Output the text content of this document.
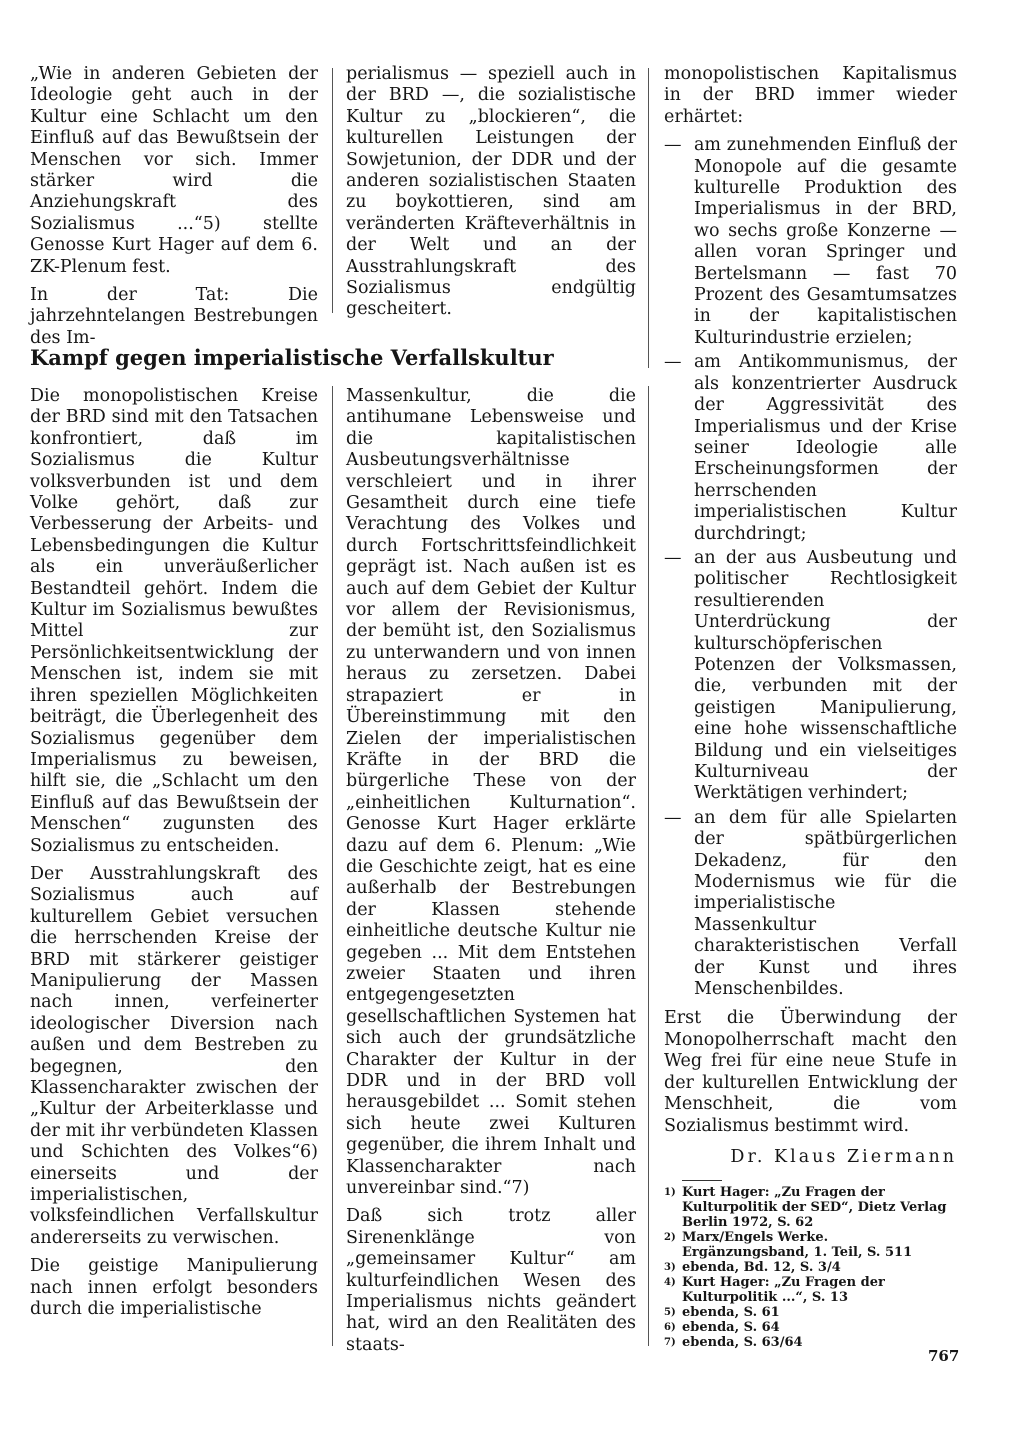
„Wie in anderen Gebieten der Ideologie geht auch in der Kultur eine Schlacht um den Einfluß auf das Bewußtsein der Menschen vor sich. Immer stärker wird die Anziehungskraft des Sozialismus ...“5) stellte Genosse Kurt Hager auf dem 6. ZK-Plenum fest.

In der Tat: Die jahrzehntelangen Bestrebungen des Im-

perialismus — speziell auch in der BRD —, die sozialistische Kultur zu „blockieren“, die kulturellen Leistungen der Sowjetunion, der DDR und der anderen sozialistischen Staaten zu boykottieren, sind am veränderten Kräfteverhältnis in der Welt und an der Ausstrahlungskraft des Sozialismus endgültig gescheitert.

Kampf gegen imperialistische Verfallskultur

Die monopolistischen Kreise der BRD sind mit den Tatsachen konfrontiert, daß im Sozialismus die Kultur volksverbunden ist und dem Volke gehört, daß zur Verbesserung der Arbeits- und Lebensbedingungen die Kultur als ein unveräußerlicher Bestandteil gehört. Indem die Kultur im Sozialismus bewußtes Mittel zur Persönlichkeitsentwicklung der Menschen ist, indem sie mit ihren speziellen Möglichkeiten beiträgt, die Überlegenheit des Sozialismus gegenüber dem Imperialismus zu beweisen, hilft sie, die „Schlacht um den Einfluß auf das Bewußtsein der Menschen“ zugunsten des Sozialismus zu entscheiden.

Der Ausstrahlungskraft des Sozialismus auch auf kulturellem Gebiet versuchen die herrschenden Kreise der BRD mit stärkerer geistiger Manipulierung der Massen nach innen, verfeinerter ideologischer Diversion nach außen und dem Bestreben zu begegnen, den Klassencharakter zwischen der „Kultur der Arbeiterklasse und der mit ihr verbündeten Klassen und Schichten des Volkes“6) einerseits und der imperialistischen, volksfeindlichen Verfallskultur andererseits zu verwischen.

Die geistige Manipulierung nach innen erfolgt besonders durch die imperialistische

Massenkultur, die die antihumane Lebensweise und die kapitalistischen Ausbeutungsverhältnisse verschleiert und in ihrer Gesamtheit durch eine tiefe Verachtung des Volkes und durch Fortschrittsfeindlichkeit geprägt ist. Nach außen ist es auch auf dem Gebiet der Kultur vor allem der Revisionismus, der bemüht ist, den Sozialismus zu unterwandern und von innen heraus zu zersetzen. Dabei strapaziert er in Übereinstimmung mit den Zielen der imperialistischen Kräfte in der BRD die bürgerliche These von der „einheitlichen Kulturnation“. Genosse Kurt Hager erklärte dazu auf dem 6. Plenum: „Wie die Geschichte zeigt, hat es eine außerhalb der Bestrebungen der Klassen stehende einheitliche deutsche Kultur nie gegeben ... Mit dem Entstehen zweier Staaten und ihren entgegengesetzten gesellschaftlichen Systemen hat sich auch der grundsätzliche Charakter der Kultur in der DDR und in der BRD voll herausgebildet ... Somit stehen sich heute zwei Kulturen gegenüber, die ihrem Inhalt und Klassencharakter nach unvereinbar sind.“7)

Daß sich trotz aller Sirenenklänge von „gemeinsamer Kultur“ am kulturfeindlichen Wesen des Imperialismus nichts geändert hat, wird an den Realitäten des staats-

monopolistischen Kapitalismus in der BRD immer wieder erhärtet:

— am zunehmenden Einfluß der Monopole auf die gesamte kulturelle Produktion des Imperialismus in der BRD, wo sechs große Konzerne — allen voran Springer und Bertelsmann — fast 70 Prozent des Gesamtumsatzes in der kapitalistischen Kulturindustrie erzielen;
— am Antikommunismus, der als konzentrierter Ausdruck der Aggressivität des Imperialismus und der Krise seiner Ideologie alle Erscheinungsformen der herrschenden imperialistischen Kultur durchdringt;
— an der aus Ausbeutung und politischer Rechtlosigkeit resultierenden Unterdrückung der kulturschöpferischen Potenzen der Volksmassen, die, verbunden mit der geistigen Manipulierung, eine hohe wissenschaftliche Bildung und ein vielseitiges Kulturniveau der Werktätigen verhindert;
— an dem für alle Spielarten der spätbürgerlichen Dekadenz, für den Modernismus wie für die imperialistische Massenkultur charakteristischen Verfall der Kunst und ihres Menschenbildes.

Erst die Überwindung der Monopolherrschaft macht den Weg frei für eine neue Stufe in der kulturellen Entwicklung der Menschheit, die vom Sozialismus bestimmt wird.

Dr. Klaus Ziermann
1) Kurt Hager: „Zu Fragen der Kulturpolitik der SED“, Dietz Verlag Berlin 1972, S. 62
2) Marx/Engels Werke. Ergänzungsband, 1. Teil, S. 511
3) ebenda, Bd. 12, S. 3/4
4) Kurt Hager: „Zu Fragen der Kulturpolitik ...“, S. 13
5) ebenda, S. 61
6) ebenda, S. 64
7) ebenda, S. 63/64
767
